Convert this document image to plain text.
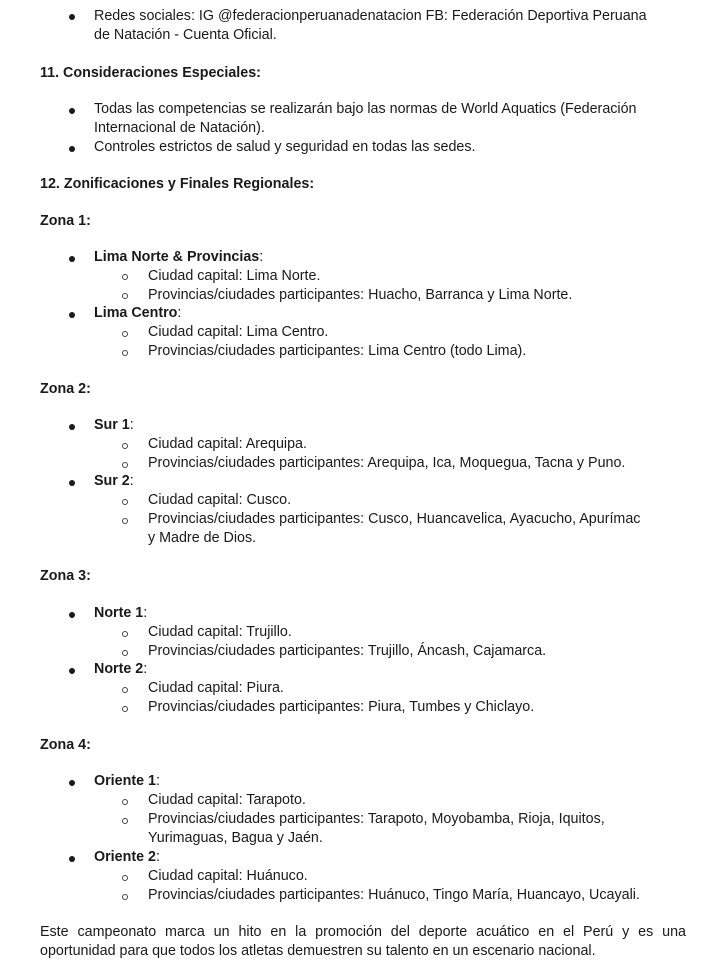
Redes sociales: IG @federacionperuanadenatacion FB: Federación Deportiva Peruana
de Natación - Cuenta Oficial.
11. Consideraciones Especiales:
Todas las competencias se realizarán bajo las normas de World Aquatics (Federación
Internacional de Natación).
Controles estrictos de salud y seguridad en todas las sedes.
12. Zonificaciones y Finales Regionales:
Zona 1:
Lima Norte & Provincias:
Ciudad capital: Lima Norte.
Provincias/ciudades participantes: Huacho, Barranca y Lima Norte.
Lima Centro:
Ciudad capital: Lima Centro.
Provincias/ciudades participantes: Lima Centro (todo Lima).
Zona 2:
Sur 1:
Ciudad capital: Arequipa.
Provincias/ciudades participantes: Arequipa, Ica, Moquegua, Tacna y Puno.
Sur 2:
Ciudad capital: Cusco.
Provincias/ciudades participantes: Cusco, Huancavelica, Ayacucho, Apurímac
y Madre de Dios.
Zona 3:
Norte 1:
Ciudad capital: Trujillo.
Provincias/ciudades participantes: Trujillo, Áncash, Cajamarca.
Norte 2:
Ciudad capital: Piura.
Provincias/ciudades participantes: Piura, Tumbes y Chiclayo.
Zona 4:
Oriente 1:
Ciudad capital: Tarapoto.
Provincias/ciudades participantes: Tarapoto, Moyobamba, Rioja, Iquitos,
Yurimaguas, Bagua y Jaén.
Oriente 2:
Ciudad capital: Huánuco.
Provincias/ciudades participantes: Huánuco, Tingo María, Huancayo, Ucayali.
Este campeonato marca un hito en la promoción del deporte acuático en el Perú y es una
oportunidad para que todos los atletas demuestren su talento en un escenario nacional.
